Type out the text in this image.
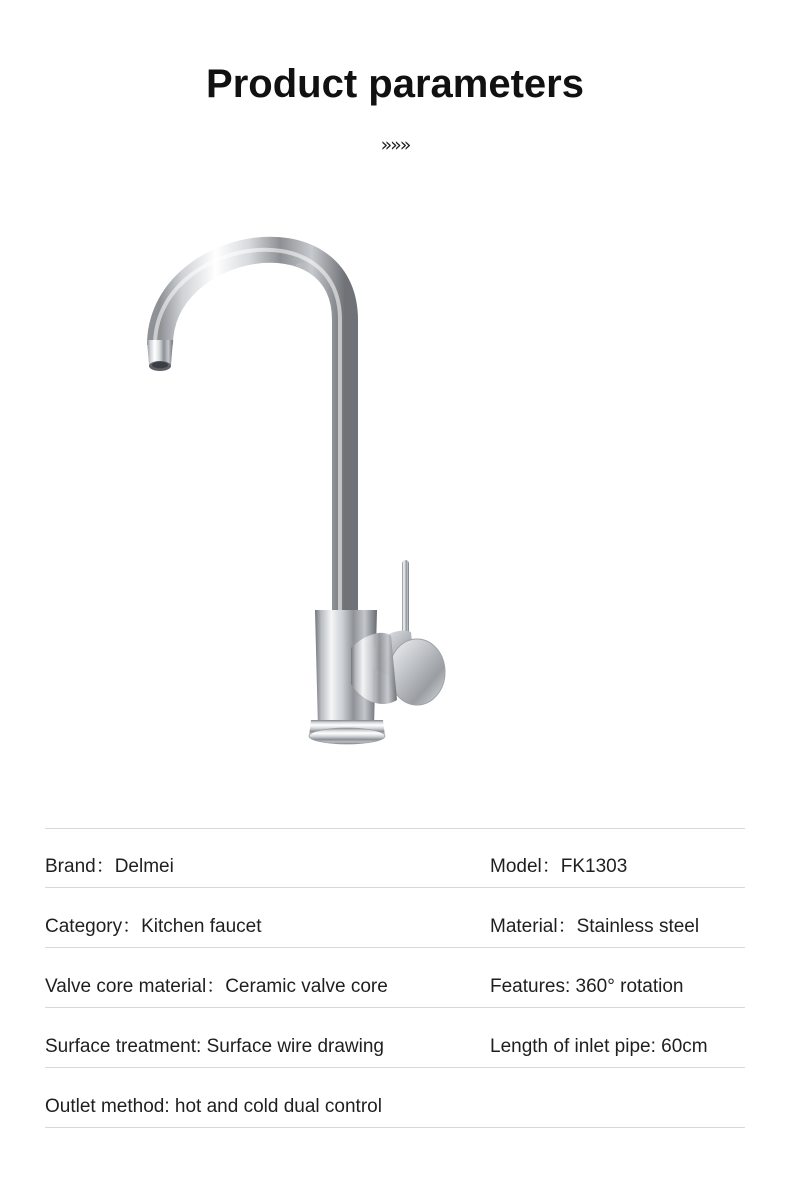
Product parameters
»»»
Brand：Delmei	Model：FK1303
Category：Kitchen faucet	Material：Stainless steel
Valve core material：Ceramic valve core	Features: 360° rotation
Surface treatment: Surface wire drawing	Length of inlet pipe: 60cm
Outlet method: hot and cold dual control
